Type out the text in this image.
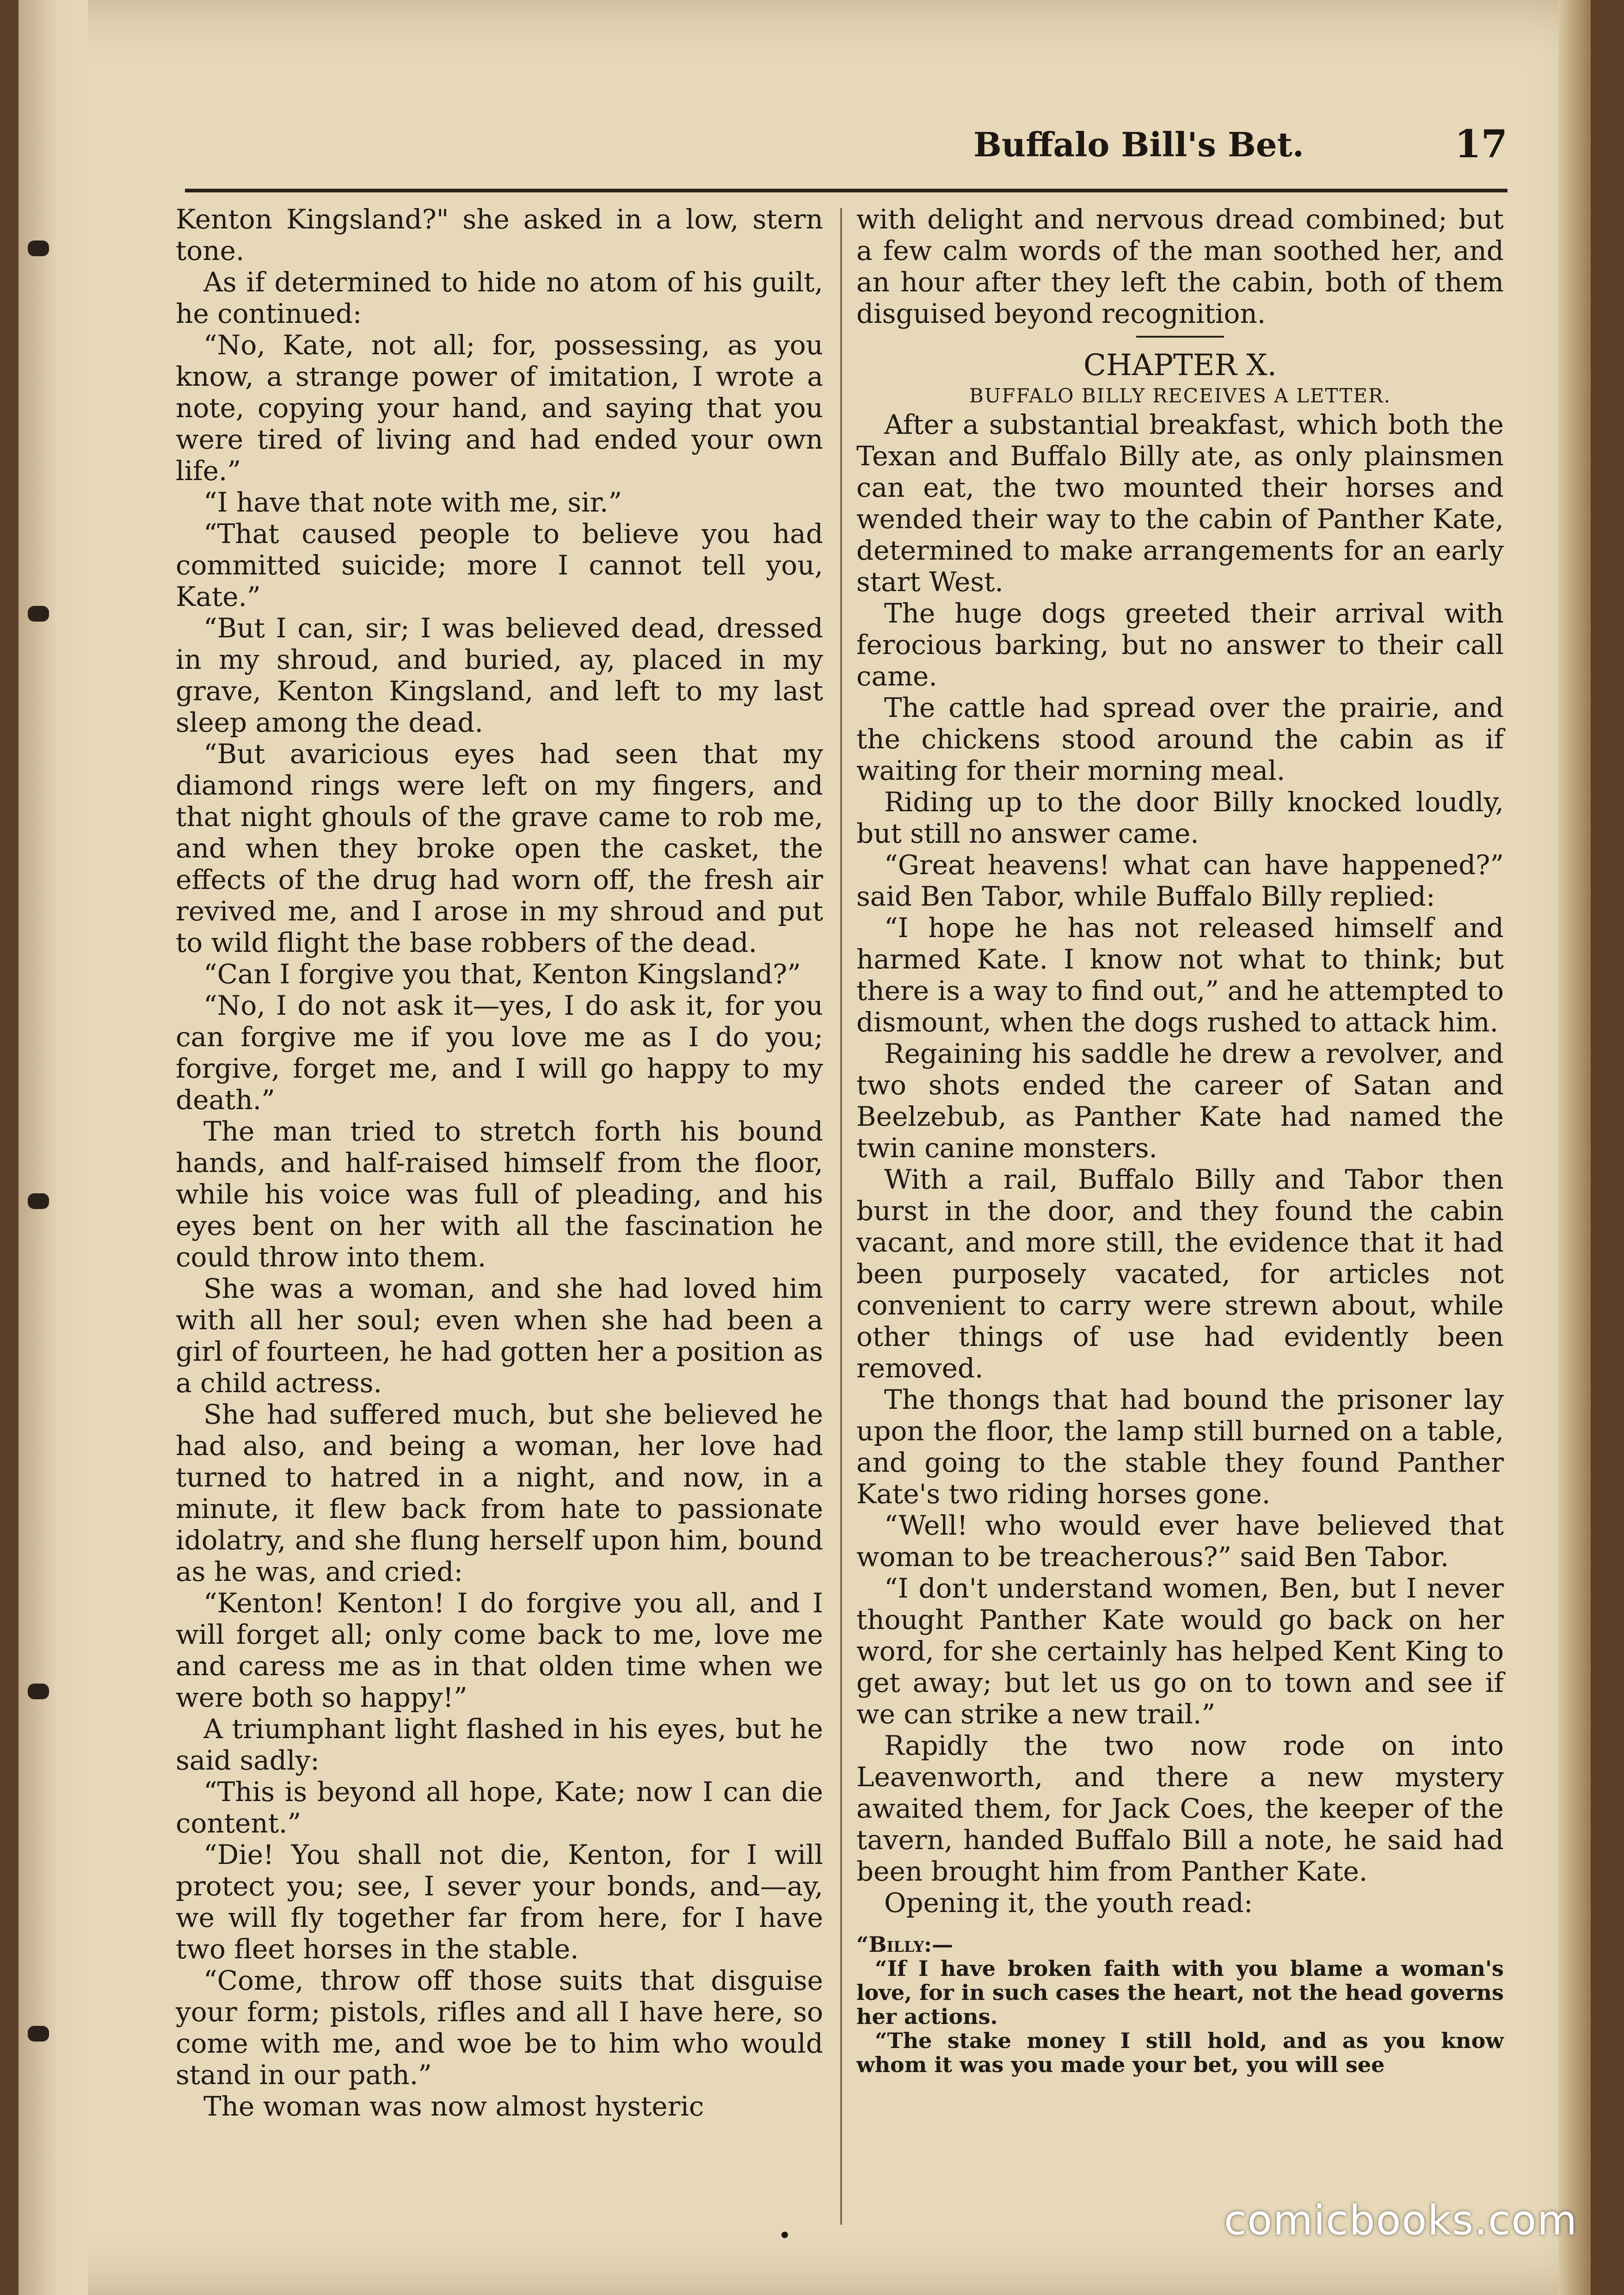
Buffalo Bill's Bet.	17

Kenton Kingsland?" she asked in a low, stern tone.

As if determined to hide no atom of his guilt, he continued:

“No, Kate, not all; for, possessing, as you know, a strange power of imitation, I wrote a note, copying your hand, and saying that you were tired of living and had ended your own life.”

“I have that note with me, sir.”

“That caused people to believe you had committed suicide; more I cannot tell you, Kate.”

“But I can, sir; I was believed dead, dressed in my shroud, and buried, ay, placed in my grave, Kenton Kingsland, and left to my last sleep among the dead.

“But avaricious eyes had seen that my diamond rings were left on my fingers, and that night ghouls of the grave came to rob me, and when they broke open the casket, the effects of the drug had worn off, the fresh air revived me, and I arose in my shroud and put to wild flight the base robbers of the dead.

“Can I forgive you that, Kenton Kingsland?”

“No, I do not ask it—yes, I do ask it, for you can forgive me if you love me as I do you; forgive, forget me, and I will go happy to my death.”

The man tried to stretch forth his bound hands, and half-raised himself from the floor, while his voice was full of pleading, and his eyes bent on her with all the fascination he could throw into them.

She was a woman, and she had loved him with all her soul; even when she had been a girl of fourteen, he had gotten her a position as a child actress.

She had suffered much, but she believed he had also, and being a woman, her love had turned to hatred in a night, and now, in a minute, it flew back from hate to passionate idolatry, and she flung herself upon him, bound as he was, and cried:

“Kenton! Kenton! I do forgive you all, and I will forget all; only come back to me, love me and caress me as in that olden time when we were both so happy!”

A triumphant light flashed in his eyes, but he said sadly:

“This is beyond all hope, Kate; now I can die content.”

“Die! You shall not die, Kenton, for I will protect you; see, I sever your bonds, and—ay, we will fly together far from here, for I have two fleet horses in the stable.

“Come, throw off those suits that disguise your form; pistols, rifles and all I have here, so come with me, and woe be to him who would stand in our path.”

The woman was now almost hysteric

with delight and nervous dread combined; but a few calm words of the man soothed her, and an hour after they left the cabin, both of them disguised beyond recognition.

CHAPTER X.
BUFFALO BILLY RECEIVES A LETTER.

After a substantial breakfast, which both the Texan and Buffalo Billy ate, as only plainsmen can eat, the two mounted their horses and wended their way to the cabin of Panther Kate, determined to make arrangements for an early start West.

The huge dogs greeted their arrival with ferocious barking, but no answer to their call came.

The cattle had spread over the prairie, and the chickens stood around the cabin as if waiting for their morning meal.

Riding up to the door Billy knocked loudly, but still no answer came.

“Great heavens! what can have happened?” said Ben Tabor, while Buffalo Billy replied:

“I hope he has not released himself and harmed Kate. I know not what to think; but there is a way to find out,” and he attempted to dismount, when the dogs rushed to attack him.

Regaining his saddle he drew a revolver, and two shots ended the career of Satan and Beelzebub, as Panther Kate had named the twin canine monsters.

With a rail, Buffalo Billy and Tabor then burst in the door, and they found the cabin vacant, and more still, the evidence that it had been purposely vacated, for articles not convenient to carry were strewn about, while other things of use had evidently been removed.

The thongs that had bound the prisoner lay upon the floor, the lamp still burned on a table, and going to the stable they found Panther Kate's two riding horses gone.

“Well! who would ever have believed that woman to be treacherous?” said Ben Tabor.

“I don't understand women, Ben, but I never thought Panther Kate would go back on her word, for she certainly has helped Kent King to get away; but let us go on to town and see if we can strike a new trail.”

Rapidly the two now rode on into Leavenworth, and there a new mystery awaited them, for Jack Coes, the keeper of the tavern, handed Buffalo Bill a note, he said had been brought him from Panther Kate.

Opening it, the youth read:

“Billy:—

“If I have broken faith with you blame a woman's love, for in such cases the heart, not the head governs her actions.

“The stake money I still hold, and as you know whom it was you made your bet, you will see

comicbooks.com
